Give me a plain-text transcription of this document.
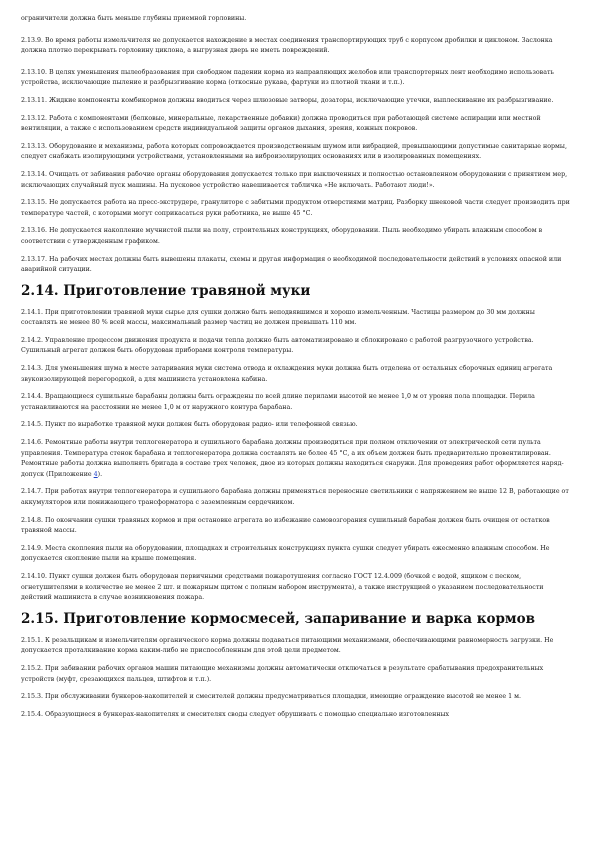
ограничители должна быть меньше глубины приемной горловины.

2.13.9. Во время работы измельчителя не допускается нахождение в местах соединения транспортирующих труб с корпусом дробилки и циклоном. Заслонка должна плотно перекрывать горловину циклона, а выгрузная дверь не иметь повреждений.

2.13.10. В целях уменьшения пылеобразования при свободном падении корма из направляющих желобов или транспортерных лент необходимо использовать устройства, исключающие пыление и разбрызгивание корма (откосные рукава, фартуки из плотной ткани и т.п.).

2.13.11. Жидкие компоненты комбикормов должны вводиться через шлюзовые затворы, дозаторы, исключающие утечки, выплескивание их разбрызгивание.

2.13.12. Работа с компонентами (белковые, минеральные, лекарственные добавки) должна проводиться при работающей системе аспирации или местной вентиляции, а также с использованием средств индивидуальной защиты органов дыхания, зрения, кожных покровов.

2.13.13. Оборудование и механизмы, работа которых сопровождается производственным шумом или вибрацией, превышающими допустимые санитарные нормы, следует снабжать изолирующими устройствами, установленными на виброизолирующих основаниях или в изолированных помещениях.

2.13.14. Очищать от забивания рабочие органы оборудования допускается только при выключенных и полностью остановленном оборудовании с принятием мер, исключающих случайный пуск машины. На пусковое устройство навешивается табличка «Не включать. Работают люди!».

2.13.15. Не допускается работа на пресс-экструдере, гранулиторе с забитыми продуктом отверстиями матриц. Разборку шнековой части следует производить при температуре частей, с которыми могут соприкасаться руки работника, не выше 45 °С.

2.13.16. Не допускается накопление мучнистой пыли на полу, строительных конструкциях, оборудовании. Пыль необходимо убирать влажным способом в соответствии с утвержденным графиком.

2.13.17. На рабочих местах должны быть вывешены плакаты, схемы и другая информация о необходимой последовательности действий в условиях опасной или аварийной ситуации.

2.14. Приготовление травяной муки

2.14.1. При приготовлении травяной муки сырье для сушки должно быть неподвявшимся и хорошо измельченным. Частицы размером до 30 мм должны составлять не менее 80 % всей массы, максимальный размер частиц не должен превышать 110 мм.

2.14.2. Управление процессом движения продукта и подачи тепла должно быть автоматизировано и сблокировано с работой разгрузочного устройства. Сушильный агрегат должен быть оборудован приборами контроля температуры.

2.14.3. Для уменьшения шума в месте затаривания муки система отвода и охлаждения муки должна быть отделена от остальных сборочных единиц агрегата звукоизолирующей перегородкой, а для машиниста установлена кабина.

2.14.4. Вращающиеся сушильные барабаны должны быть ограждены по всей длине перилами высотой не менее 1,0 м от уровня пола площадки. Перила устанавливаются на расстоянии не менее 1,0 м от наружного контура барабана.

2.14.5. Пункт по выработке травяной муки должен быть оборудован радио- или телефонной связью.

2.14.6. Ремонтные работы внутри теплогенератора и сушильного барабана должны производиться при полном отключении от электрической сети пульта управления. Температура стенок барабана и теплогенератора должна составлять не более 45 °С, а их объем должен быть предварительно провентилирован. Ремонтные работы должна выполнять бригада в составе трех человек, двое из которых должны находиться снаружи. Для проведения работ оформляется наряд-допуск (Приложение 4).

2.14.7. При работах внутри теплогенератора и сушильного барабана должны применяться переносные светильники с напряжением не выше 12 В, работающие от аккумуляторов или понижающего трансформатора с заземленным сердечником.

2.14.8. По окончании сушки травяных кормов и при остановке агрегата во избежание самовозгорания сушильный барабан должен быть очищен от остатков травяной массы.

2.14.9. Места скопления пыли на оборудовании, площадках и строительных конструкциях пункта сушки следует убирать ежесменно влажным способом. Не допускается скопление пыли на крыше помещения.

2.14.10. Пункт сушки должен быть оборудован первичными средствами пожаротушения согласно ГОСТ 12.4.009 (бочкой с водой, ящиком с песком, огнетушителями в количестве не менее 2 шт. и пожарным щитом с полным набором инструмента), а также инструкцией о указанием последовательности действий машиниста в случае возникновения пожара.

2.15. Приготовление кормосмесей, запаривание и варка кормов

2.15.1. К резальщикам и измельчителям органического корма должны подаваться питающими механизмами, обеспечивающими равномерность загрузки. Не допускается проталкивание корма каким-либо не приспособленным для этой цели предметом.

2.15.2. При забивании рабочих органов машин питающие механизмы должны автоматически отключаться в результате срабатывания предохранительных устройств (муфт, срезающихся пальцев, штифтов и т.п.).

2.15.3. При обслуживании бункеров-накопителей и смесителей должны предусматриваться площадки, имеющие ограждение высотой не менее 1 м.

2.15.4. Образующиеся в бункерах-накопителях и смесителях своды следует обрушивать с помощью специально изготовленных
